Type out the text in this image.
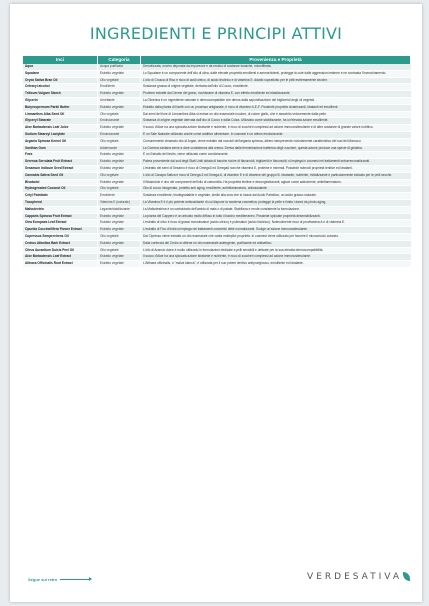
INGREDIENTI E PRINCIPI ATTIVI
Inci	Categoria	Provenienza e Proprietà
Aqua	Acqua purificata	Demolizzata, ovvero depurata da impurezze e da residui di sostanze tossiche, microfiltrata.
Squalane	Estratto vegetale	Lo Squalane è un componente dell'olio di oliva, dalle elevate proprietà emollienti e ammorbidenti, protegge la cute dalle aggressioni esterne e ne contrasta l'invecchiamento.
Oryza Sativa Bran Oil	Olio vegetale	L'olio di Crusca di Riso è ricco di acidi oleico, di acido linoleico e di vitamina E. Adatto soprattutto per le pelli estremamente secche.
Cetearyl alcohol	Emolliente	Sostanza grassa di origine vegetale, derivata dall'olio di Cocco, emolliente.
Triticum Vulgare Starch	Estratto vegetale	Proteine estratte dal Germe del grano, ricchissime di vitamina E, con effetto emolliente ed elasticizzante.
Glycerin	Umettante	La Glicerina è un ingrediente naturale e dermocompatibile che deriva dalla saponificazione dei trigliceridi degli oli vegetali.
Butyrospermum Parkii Butter	Estratto vegetale	Estratto dalla pianta di Karité con un processo artigianale, è ricco di vitamine A-E-F. Possiede proprietà cicatrizzanti, idratanti ed emollienti.
Limnanthes Alba Seed Oil	Olio vegetale	Dai semi del fiore di Limnanthes Alba si estrae un olio essenziale inodore, di colore giallo, che è assorbito velocemente dalla pelle.
Glyceryl Stearate	Emulsionante	Sostanza di origine vegetale derivata dall'olio di Cocco e dalla Colza. Utilizzato come stabilizzante, ha un'elevata azione emolliente.
Aloe Barbadensis Leaf Juice	Estratto vegetale	Il succo d'Aloe ha una spiccata azione idratante e nutriente, è ricco di zuccheri complessi ad azione immunostimolante e di altre sostanze di grande valore nutritivo.
Sodium Stearoyl Lactylate	Emulsionante	È un Sale Naturale utilizzato anche come additivo alimentare. In cosmesi è un ottimo emulsionante.
Argania Spinosa Kernel Oil	Olio vegetale	Comunemente chiamato olio di Argan, viene estratto dai noccioli dell'argania spinosa, albero sempreverde notoriamente caratteristico del sud del Marocco.
Xanthan Gum	Addensante	La Gomma xantana serve a dare consistenza alla crema. Deriva dalla fermentazione batterica degli zuccheri, questa azione produce una specie di gelatina.
Foex	Estratto vegetale	È un Estratto del lievito, viene utilizzato come condizionante.
Serenoa Serrulata Fruit Extract	Estratto vegetale	Palma proveniente dal sud degli Stati Uniti dotata di bacche ricche di flavonoidi, trigliceridi e flavonoidi; si impiega in cosmesi nei trattamenti seborrenomalizzanti.
Sesamum Indicum Seed Extract	Estratto vegetale	L'estratto dei semi di Sesamo è ricco di Omega3 ed Omega6 nonché vitamina E, proteine e minerali. Possiede notevoli proprietà lenitive ed idratanti.
Cannabis Sativa Seed Oil	Olio vegetale	L'olio di Canapa Sativa è ricco di Omega-3 ed Omega-6, di vitamine E e di vitamine del gruppo B. Idratante, nutriente, rivitalizzante e particolarmente indicato per le pelli secche.
Bisabolol	Estratto vegetale	Il Bisabololo è uno dei componenti dell'olio di camomilla. Ha proprietà lenitive e decongestionanti, agisce come addolcente, antinfiammatorio.
Hydrogenated Coconut Oil	Olio vegetale	Olio di cocco idrogenato, protetto anti aging, emolliente, antinfiammatorio, antiossidante.
Cetyl Palmitate	Emolliente	Sostanza emolliente, biodegradabile e vegetale, simile alla cera che si ricava dal Acido Palmitico, un acido grasso naturale.
Tocopherol	Vitamina E (naturale)	La Vitamina E è il più potente antiossidante di cui dispone la moderna cosmetica; protegge la pelle e limita i danni da photo-aging.
Maltodextrin	Legante/stabilizzante	La Maltodestrina è un carboidrato dell'amido di mais o di patate. Stabilizza e rende consistente la formulazione.
Capparis Spinosa Fruit Extract	Estratto vegetale	La pianta del Cappero è un arbusto molto diffuso in tutto il bacino mediterraneo. Possiede spiccate proprietà desensibilizzanti.
Olea Europaea Leaf Extract	Estratto vegetale	L'estratto di olivo è ricco di grassi monoinsaturi (acido oleico) e polinsaturi (acido linoleico). Notevolmente ricco di provitamina A e di vitamina E.
Opuntia Coccinellifera Flower Extract	Estratto vegetale	L'estratto di Fico d'India si impiega nei trattamenti cosmetici delle normalizzanti. Svolge un'azione immunostimolante.
Cupressus Sempervirens Oil	Olio vegetale	Dal Cipresso viene estratto un olio essenziale che vanta molteplici proprietà. In cosmesi viene utilizzato per favorire il microcircolo cutaneo.
Cedrus Atlantica Bark Extract	Estratto vegetale	Dalla corteccia del Cedro si ottiene un olio essenziale astringente, purificante ed antisettico.
Citrus Aurantium Dulcis Peel Oil	Olio vegetale	L'olio di Arancio dolce è molto utilizzato in formulazioni dedicate a pelli sensibili e delicate per la sua elevata dermocompatibilità.
Aloe Barbadensis Leaf Extract	Estratto vegetale	Il succo d'Aloe ha una spiccata azione idratante e nutriente, è ricco di zuccheri complessi ad azione immunostimolante.
Althaea Officinalis Root Extract	Estratto vegetale	L'Althaea officinalis, o "malva bianca", è utilizzata per il suo potere lenitivo antipruriginoso, emolliente ed idratante.
Segue sul retro	VERDESATIVA
